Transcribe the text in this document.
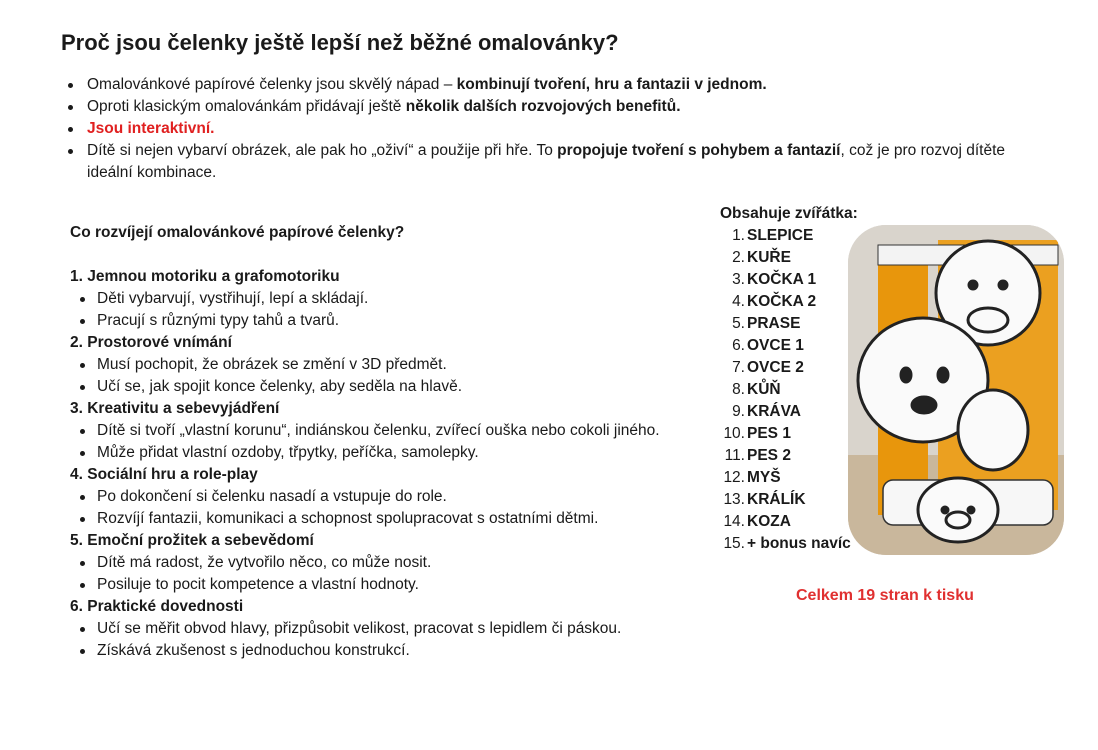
Proč jsou čelenky ještě lepší než běžné omalovánky?
Omalovánkové papírové čelenky jsou skvělý nápad – kombinují tvoření, hru a fantazii v jednom.
Oproti klasickým omalovánkám přidávají ještě několik dalších rozvojových benefitů.
Jsou interaktivní.
Dítě si nejen vybarví obrázek, ale pak ho „oživí“ a použije při hře. To propojuje tvoření s pohybem a fantazií, což je pro rozvoj dítěte ideální kombinace.

Co rozvíjejí omalovánkové papírové čelenky?

1. Jemnou motoriku a grafomotoriku

Děti vybarvují, vystřihují, lepí a skládají.
Pracují s různými typy tahů a tvarů.

2. Prostorové vnímání

Musí pochopit, že obrázek se změní v 3D předmět.
Učí se, jak spojit konce čelenky, aby seděla na hlavě.

3. Kreativitu a sebevyjádření

Dítě si tvoří „vlastní korunu“, indiánskou čelenku, zvířecí ouška nebo cokoli jiného.
Může přidat vlastní ozdoby, třpytky, peříčka, samolepky.

4. Sociální hru a role-play

Po dokončení si čelenku nasadí a vstupuje do role.
Rozvíjí fantazii, komunikaci a schopnost spolupracovat s ostatními dětmi.

5. Emoční prožitek a sebevědomí

Dítě má radost, že vytvořilo něco, co může nosit.
Posiluje to pocit kompetence a vlastní hodnoty.

6. Praktické dovednosti

Učí se měřit obvod hlavy, přizpůsobit velikost, pracovat s lepidlem či páskou.
Získává zkušenost s jednoduchou konstrukcí.

Obsahuje zvířátka:

1. SLEPICE
2. KUŘE
3. KOČKA 1
4. KOČKA 2
5. PRASE
6. OVCE 1
7. OVCE 2
8. KŮŇ
9. KRÁVA
10. PES 1
11. PES 2
12. MYŠ
13. KRÁLÍK
14. KOZA
15. + bonus navíc
Celkem 19 stran k tisku
